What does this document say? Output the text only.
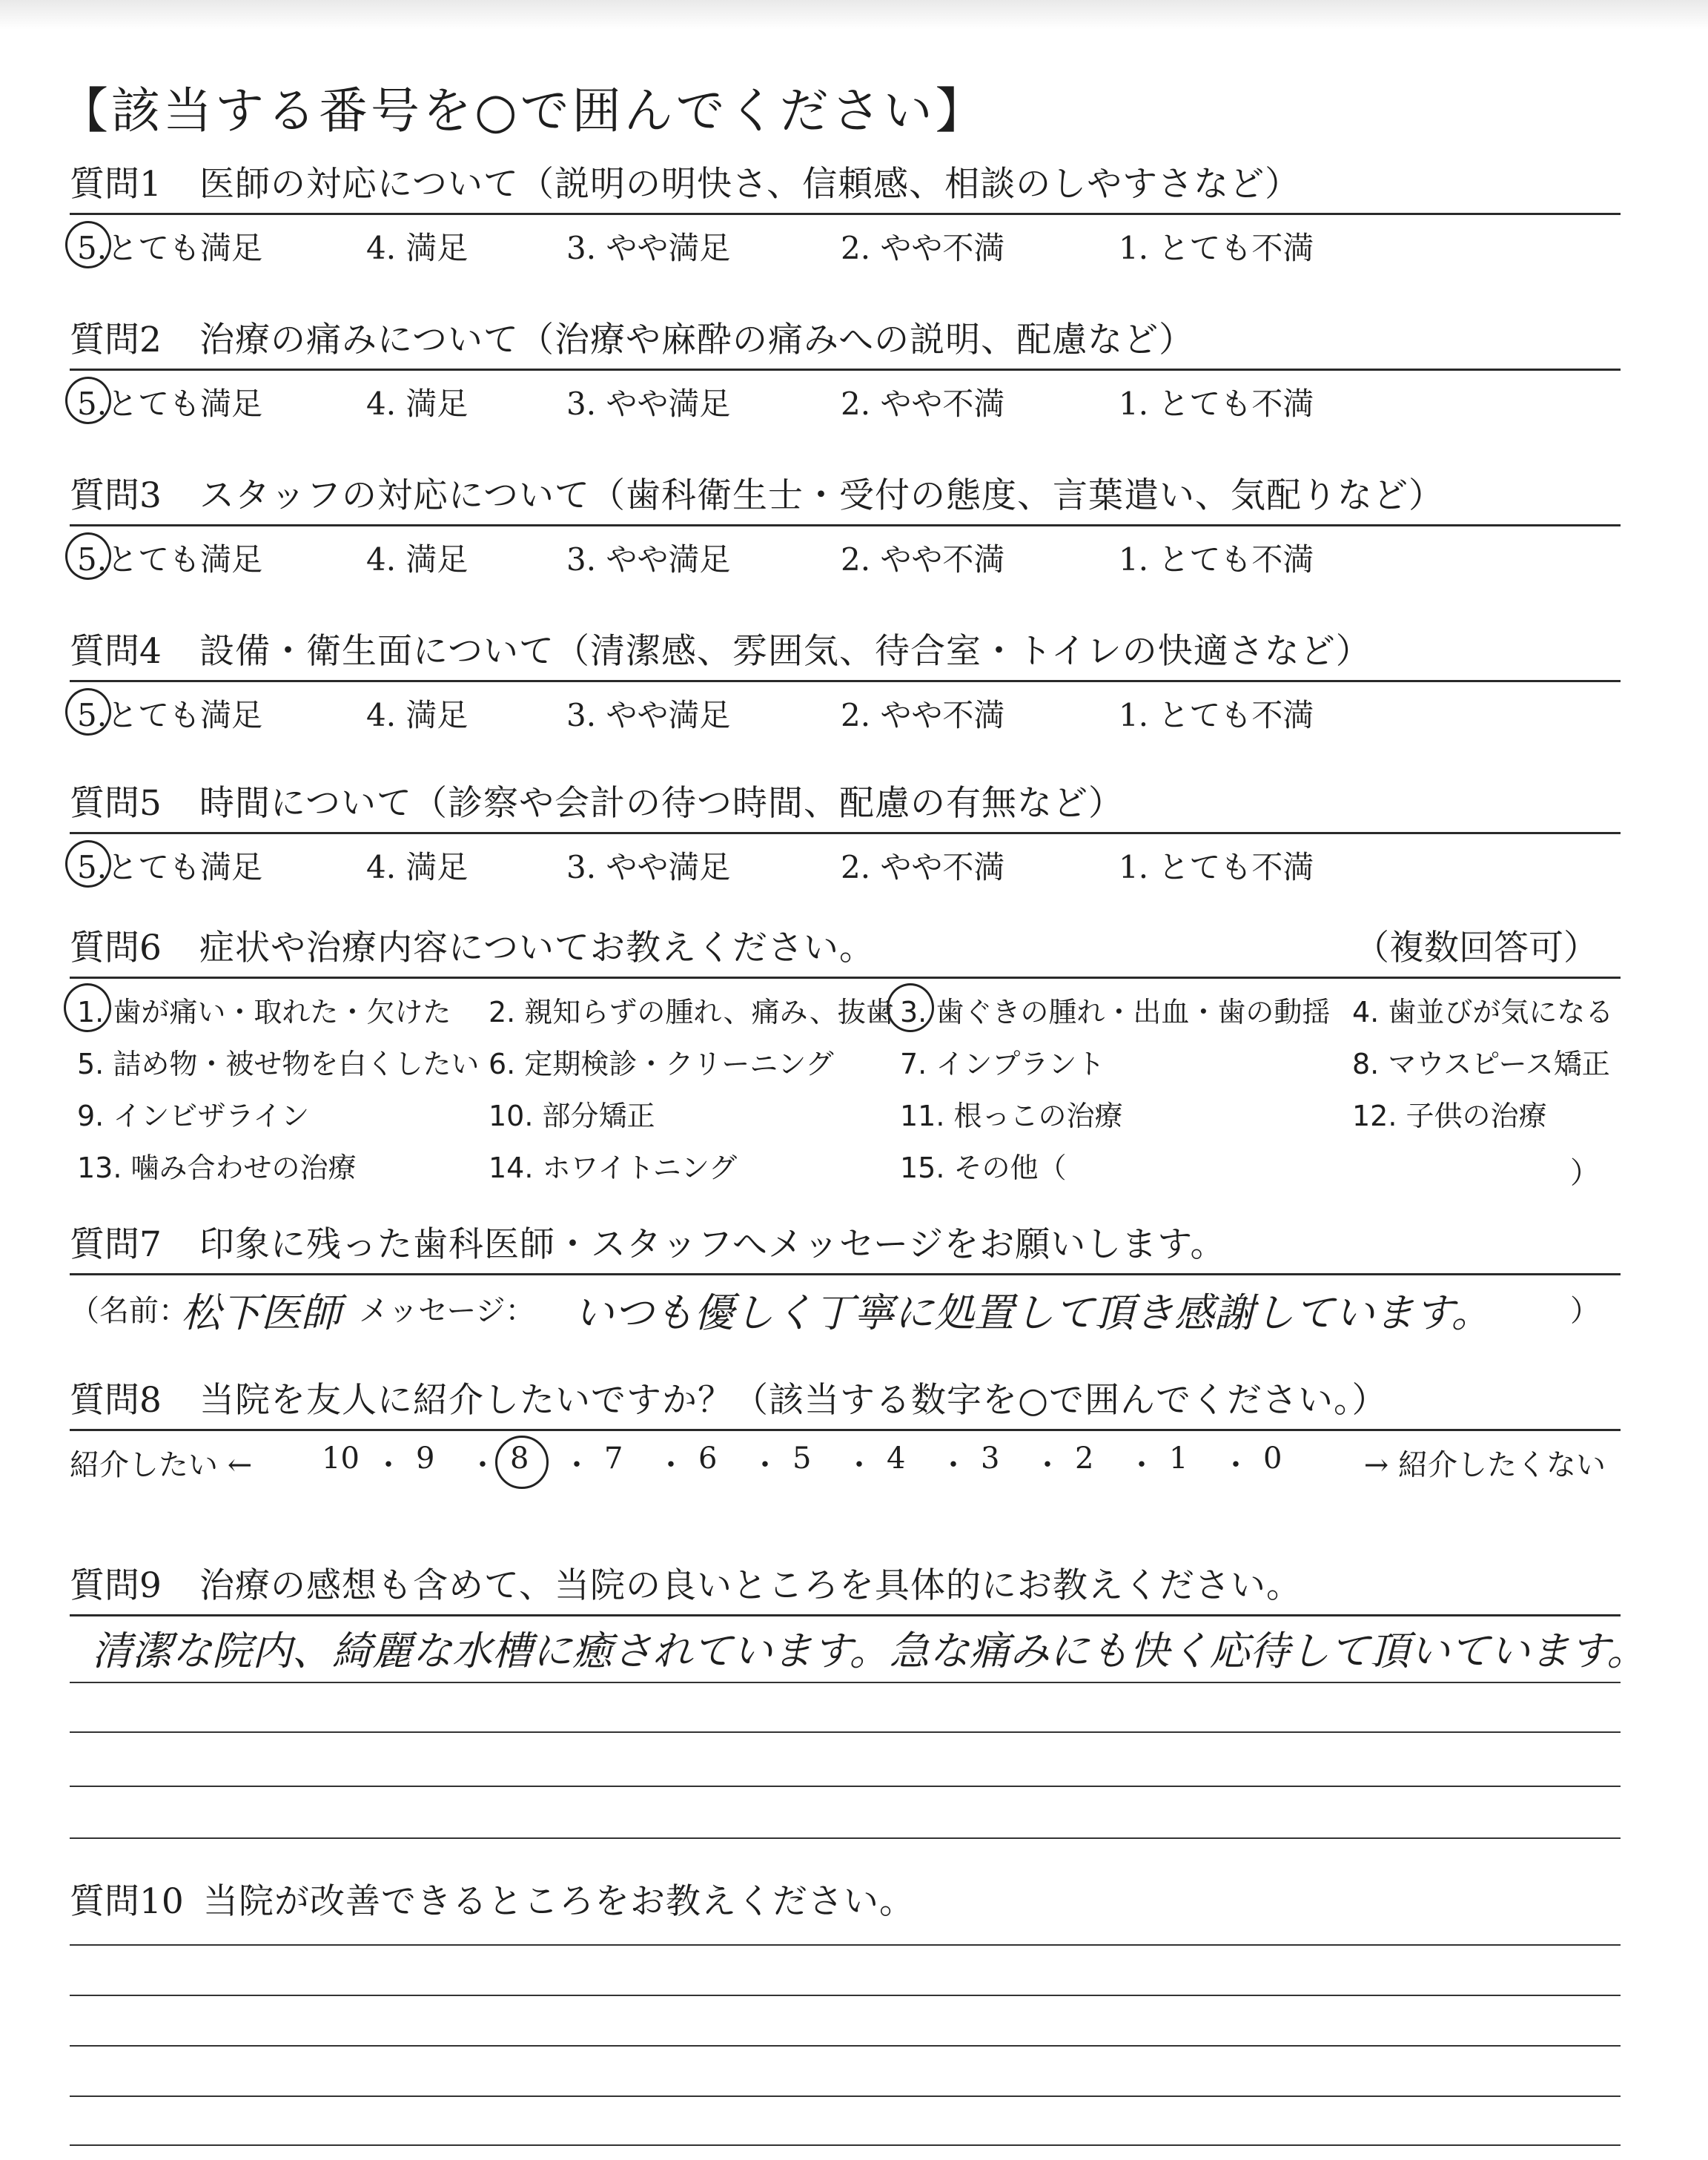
【該当する番号を○で囲んでください】
質問1 医師の対応について（説明の明快さ、信頼感、相談のしやすさなど）
5.とても満足	4. 満足	3. やや満足	2. やや不満	1. とても不満
質問2 治療の痛みについて（治療や麻酔の痛みへの説明、配慮など）
5.とても満足	4. 満足	3. やや満足	2. やや不満	1. とても不満
質問3 スタッフの対応について（歯科衛生士・受付の態度、言葉遣い、気配りなど）
5.とても満足	4. 満足	3. やや満足	2. やや不満	1. とても不満
質問4 設備・衛生面について（清潔感、雰囲気、待合室・トイレの快適さなど）
5.とても満足	4. 満足	3. やや満足	2. やや不満	1. とても不満
質問5 時間について（診察や会計の待つ時間、配慮の有無など）
5.とても満足	4. 満足	3. やや満足	2. やや不満	1. とても不満
質問6 症状や治療内容についてお教えください。	（複数回答可）
）
1. 歯が痛い・取れた・欠けた 2. 親知らずの腫れ、痛み、抜歯 3. 歯ぐきの腫れ・出血・歯の動揺 4. 歯並びが気になる
5. 詰め物・被せ物を白くしたい 6. 定期検診・クリーニング 7. インプラント	8. マウスピース矯正
9. インビザライン	10. 部分矯正	11. 根っこの治療	12. 子供の治療
13. 噛み合わせの治療	14. ホワイトニング	15. その他（
質問7 印象に残った歯科医師・スタッフへメッセージをお願いします。
（名前：
松下医師 メッセージ： いつも優しく丁寧に処置して頂き感謝しています。	）
質問8 当院を友人に紹介したいですか？（該当する数字を○で囲んでください。）
紹介したい ←	→ 紹介したくない
10 ・ 9 ・ 8 ・ 7 ・ 6 ・ 5 ・ 4 ・ 3 ・ 2 ・ 1 ・ 0
質問9 治療の感想も含めて、当院の良いところを具体的にお教えください。
清潔な院内、綺麗な水槽に癒されています。急な痛みにも快く応待して頂いています。
質問10 当院が改善できるところをお教えください。
